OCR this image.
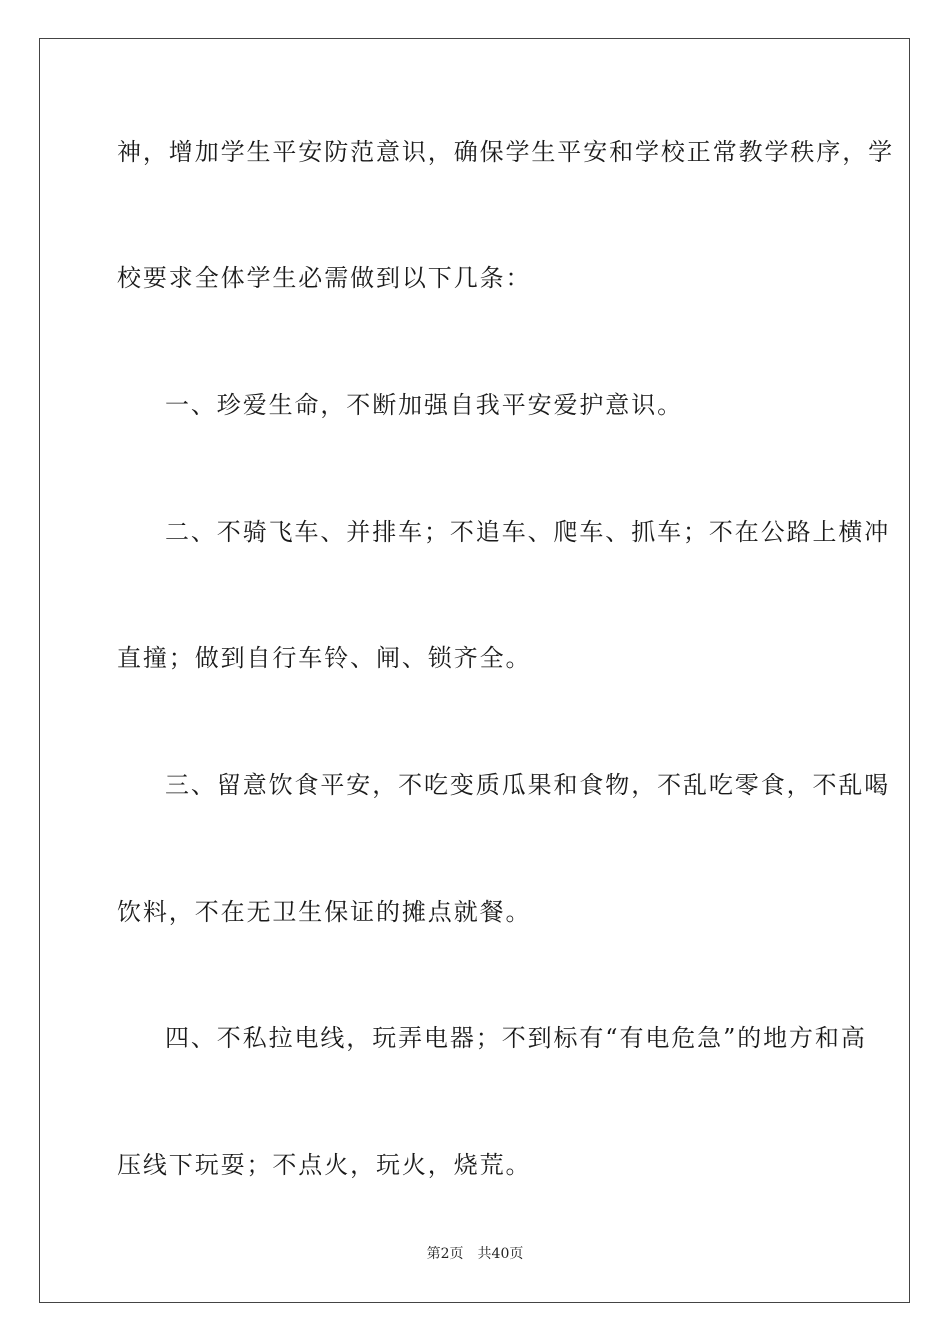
神，增加学生平安防范意识，确保学生平安和学校正常教学秩序，学
校要求全体学生必需做到以下几条：
一、珍爱生命，不断加强自我平安爱护意识。
二、不骑飞车、并排车；不追车、爬车、抓车；不在公路上横冲
直撞；做到自行车铃、闸、锁齐全。
三、留意饮食平安，不吃变质瓜果和食物，不乱吃零食，不乱喝
饮料，不在无卫生保证的摊点就餐。
四、不私拉电线，玩弄电器；不到标有“有电危急”的地方和高
压线下玩耍；不点火，玩火，烧荒。
第2页 共40页
